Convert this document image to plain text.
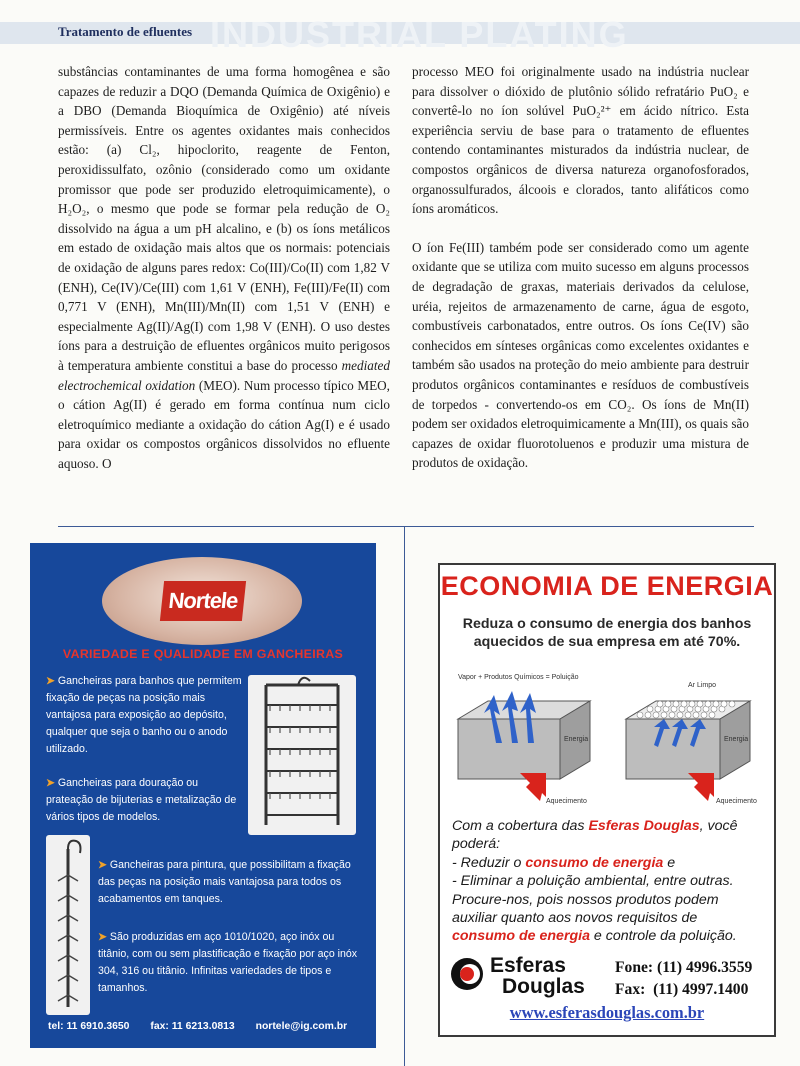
INDUSTRIAL PLATING
Tratamento de efluentes

substâncias contaminantes de uma forma homogênea e são capazes de reduzir a DQO (Demanda Química de Oxigênio) e a DBO (Demanda Bioquímica de Oxigênio) até níveis permissíveis. Entre os agentes oxidantes mais conhecidos estão: (a) Cl₂, hipoclorito, reagente de Fenton, peroxidissulfato, ozônio (considerado como um oxidante promissor que pode ser produzido eletroquimicamente), o H₂O₂, o mesmo que pode se formar pela redução de O₂ dissolvido na água a um pH alcalino, e (b) os íons metálicos em estado de oxidação mais altos que os normais: potenciais de oxidação de alguns pares redox: Co(III)/Co(II) com 1,82 V (ENH), Ce(IV)/Ce(III) com 1,61 V (ENH), Fe(III)/Fe(II) com 0,771 V (ENH), Mn(III)/Mn(II) com 1,51 V (ENH) e especialmente Ag(II)/Ag(I) com 1,98 V (ENH). O uso destes íons para a destruição de efluentes orgânicos muito perigosos à temperatura ambiente constitui a base do processo mediated electrochemical oxidation (MEO). Num processo típico MEO, o cátion Ag(II) é gerado em forma contínua num ciclo eletroquímico mediante a oxidação do cátion Ag(I) e é usado para oxidar os compostos orgânicos dissolvidos no efluente aquoso. O

processo MEO foi originalmente usado na indústria nuclear para dissolver o dióxido de plutônio sólido refratário PuO₂ e convertê-lo no íon solúvel PuO₂²⁺ em ácido nítrico. Esta experiência serviu de base para o tratamento de efluentes contendo contaminantes misturados da indústria nuclear, de compostos orgânicos de diversa natureza organofosforados, organossulfurados, álcoois e clorados, tanto alifáticos como íons aromáticos.

O íon Fe(III) também pode ser considerado como um agente oxidante que se utiliza com muito sucesso em alguns processos de degradação de graxas, materiais derivados da celulose, uréia, rejeitos de armazenamento de carne, água de esgoto, combustíveis carbonatados, entre outros. Os íons Ce(IV) são conhecidos em sínteses orgânicas como excelentes oxidantes e também são usados na proteção do meio ambiente para destruir produtos orgânicos contaminantes e resíduos de combustíveis de torpedos - convertendo-os em CO₂. Os íons de Mn(II) podem ser oxidados eletroquimicamente a Mn(III), os quais são capazes de oxidar fluorotoluenos e produzir uma mistura de produtos de oxidação.

Nortele
VARIEDADE E QUALIDADE EM GANCHEIRAS
➤ Gancheiras para banhos que permitem fixação de peças na posição mais vantajosa para exposição ao depósito, qualquer que seja o banho ou o anodo utilizado.
➤ Gancheiras para douração ou prateação de bijuterias e metalização de vários tipos de modelos.
➤ Gancheiras para pintura, que possibilitam a fixação das peças na posição mais vantajosa para todos os acabamentos em tanques.
➤ São produzidas em aço 1010/1020, aço inóx ou titânio, com ou sem plastificação e fixação por aço inóx 304, 316 ou titânio. Infinitas variedades de tipos e tamanhos.
tel: 11 6910.3650 fax: 11 6213.0813 nortele@ig.com.br
ECONOMIA DE ENERGIA
Reduza o consumo de energia dos banhos aquecidos de sua empresa em até 70%.
Vapor + Produtos Químicos = Poluição
Energia
Aquecimento
Ar Limpo
Energia
Aquecimento
Com a cobertura das Esferas Douglas, você poderá:
- Reduzir o consumo de energia e
- Eliminar a poluição ambiental, entre outras.
Procure-nos, pois nossos produtos podem auxiliar quanto aos novos requisitos de consumo de energia e controle da poluição.
Esferas
Douglas
Fone: (11) 4996.3559
Fax:  (11) 4997.1400
www.esferasdouglas.com.br
